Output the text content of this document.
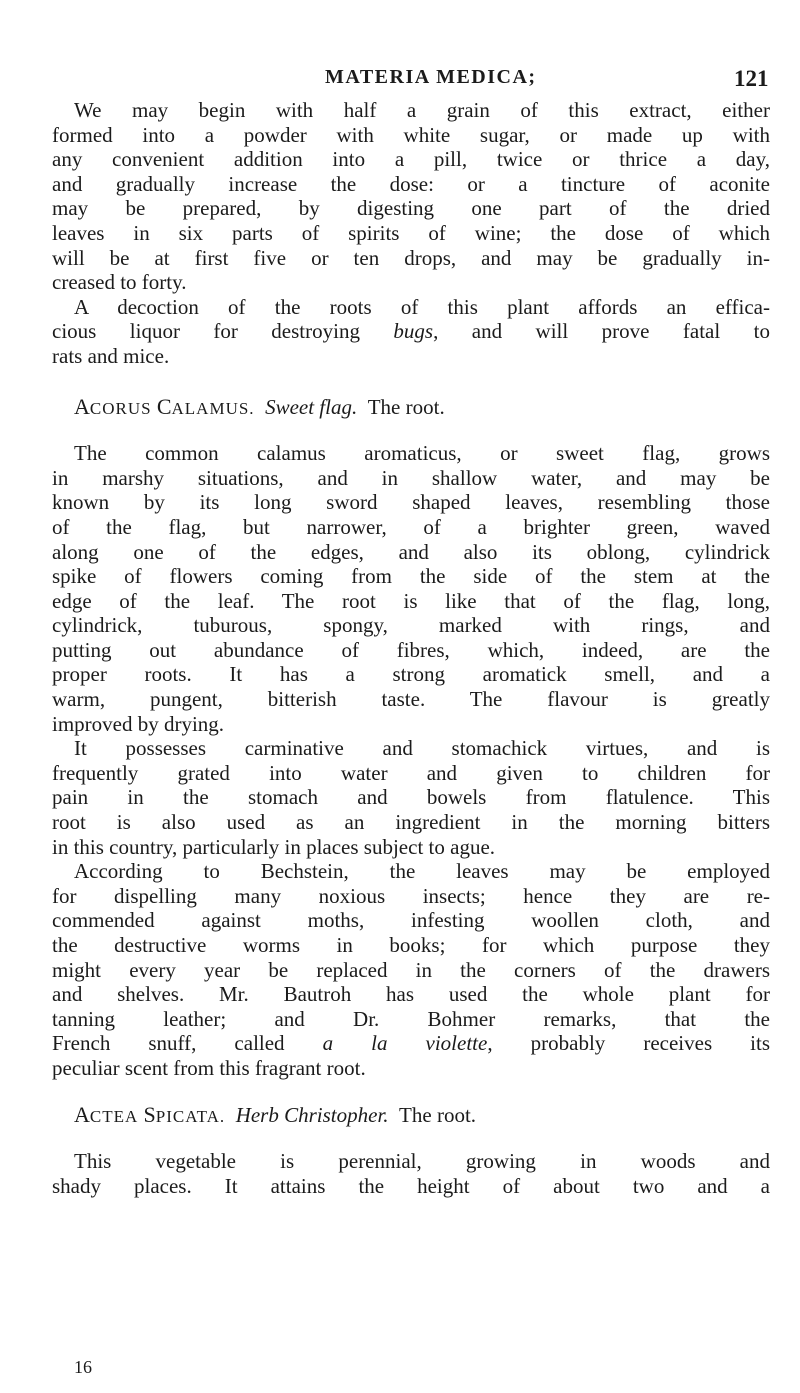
MATERIA MEDICA;	121
We may begin with half a grain of this extract, either
formed into a powder with white sugar, or made up with
any convenient addition into a pill, twice or thrice a day,
and gradually increase the dose: or a tincture of aconite
may be prepared, by digesting one part of the dried
leaves in six parts of spirits of wine; the dose of which
will be at first five or ten drops, and may be gradually in-
creased to forty.
A decoction of the roots of this plant affords an effica-
cious liquor for destroying bugs, and will prove fatal to
rats and mice.
ACORUS CALAMUS. Sweet flag. The root.
The common calamus aromaticus, or sweet flag, grows
in marshy situations, and in shallow water, and may be
known by its long sword shaped leaves, resembling those
of the flag, but narrower, of a brighter green, waved
along one of the edges, and also its oblong, cylindrick
spike of flowers coming from the side of the stem at the
edge of the leaf. The root is like that of the flag, long,
cylindrick, tuburous, spongy, marked with rings, and
putting out abundance of fibres, which, indeed, are the
proper roots. It has a strong aromatick smell, and a
warm, pungent, bitterish taste. The flavour is greatly
improved by drying.
It possesses carminative and stomachick virtues, and is
frequently grated into water and given to children for
pain in the stomach and bowels from flatulence. This
root is also used as an ingredient in the morning bitters
in this country, particularly in places subject to ague.
According to Bechstein, the leaves may be employed
for dispelling many noxious insects; hence they are re-
commended against moths, infesting woollen cloth, and
the destructive worms in books; for which purpose they
might every year be replaced in the corners of the drawers
and shelves. Mr. Bautroh has used the whole plant for
tanning leather; and Dr. Bohmer remarks, that the
French snuff, called a la violette, probably receives its
peculiar scent from this fragrant root.
ACTEA SPICATA. Herb Christopher. The root.
This vegetable is perennial, growing in woods and
shady places. It attains the height of about two and a
16
